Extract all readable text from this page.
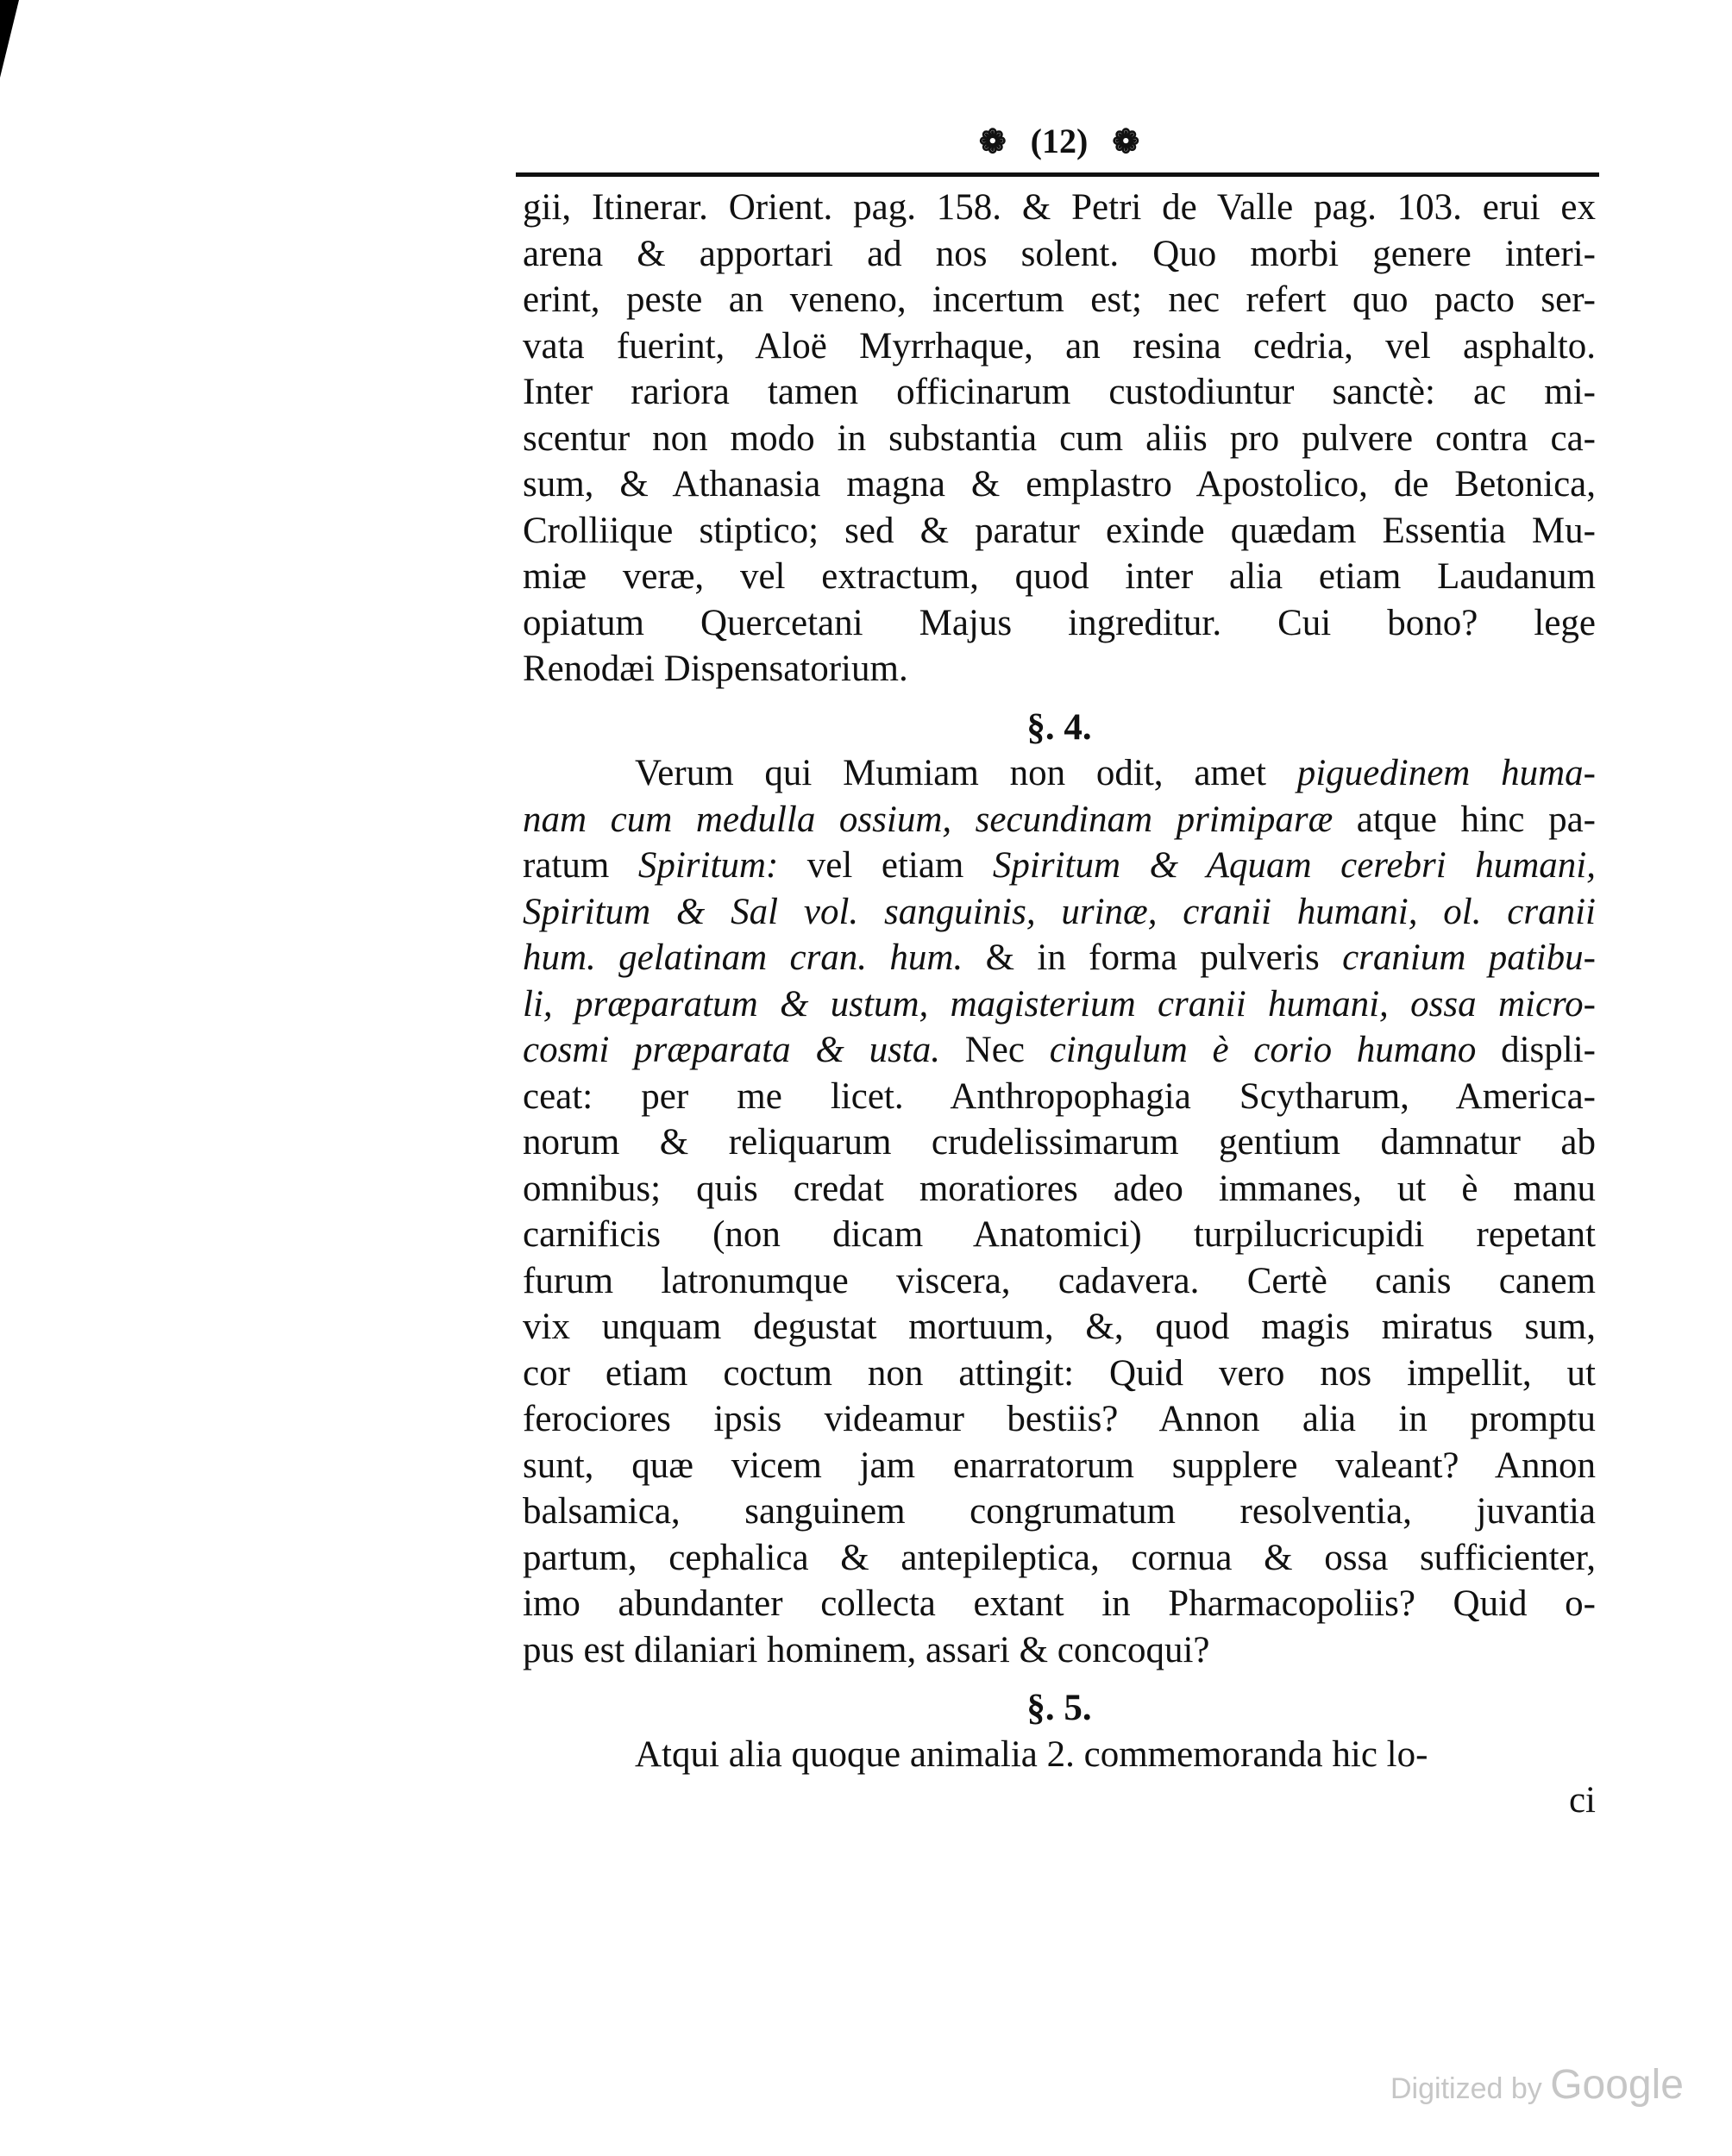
❁ (12) ❁
gii, Itinerar. Orient. pag. 158. & Petri de Valle pag. 103. erui ex
arena & apportari ad nos solent. Quo morbi genere interi-
erint, peste an veneno, incertum est; nec refert quo pacto ser-
vata fuerint, Aloë Myrrhaque, an resina cedria, vel asphalto.
Inter rariora tamen officinarum custodiuntur sanctè: ac mi-
scentur non modo in substantia cum aliis pro pulvere contra ca-
sum, & Athanasia magna & emplastro Apostolico, de Betonica,
Crolliique stiptico; sed & paratur exinde quædam Essentia Mu-
miæ veræ, vel extractum, quod inter alia etiam Laudanum
opiatum Quercetani Majus ingreditur. Cui bono? lege
Renodæi Dispensatorium.
§. 4.
Verum qui Mumiam non odit, amet piguedinem huma-
nam cum medulla ossium, secundinam primiparæ atque hinc pa-
ratum Spiritum: vel etiam Spiritum & Aquam cerebri humani,
Spiritum & Sal vol. sanguinis, urinæ, cranii humani, ol. cranii
hum. gelatinam cran. hum. & in forma pulveris cranium patibu-
li, præparatum & ustum, magisterium cranii humani, ossa micro-
cosmi præparata & usta. Nec cingulum è corio humano displi-
ceat: per me licet. Anthropophagia Scytharum, America-
norum & reliquarum crudelissimarum gentium damnatur ab
omnibus; quis credat moratiores adeo immanes, ut è manu
carnificis (non dicam Anatomici) turpilucricupidi repetant
furum latronumque viscera, cadavera. Certè canis canem
vix unquam degustat mortuum, &, quod magis miratus sum,
cor etiam coctum non attingit: Quid vero nos impellit, ut
ferociores ipsis videamur bestiis? Annon alia in promptu
sunt, quæ vicem jam enarratorum supplere valeant? Annon
balsamica, sanguinem congrumatum resolventia, juvantia
partum, cephalica & antepileptica, cornua & ossa sufficienter,
imo abundanter collecta extant in Pharmacopoliis? Quid o-
pus est dilaniari hominem, assari & concoqui?
§. 5.
Atqui alia quoque animalia 2. commemoranda hic lo-
ci
Digitized by Google
